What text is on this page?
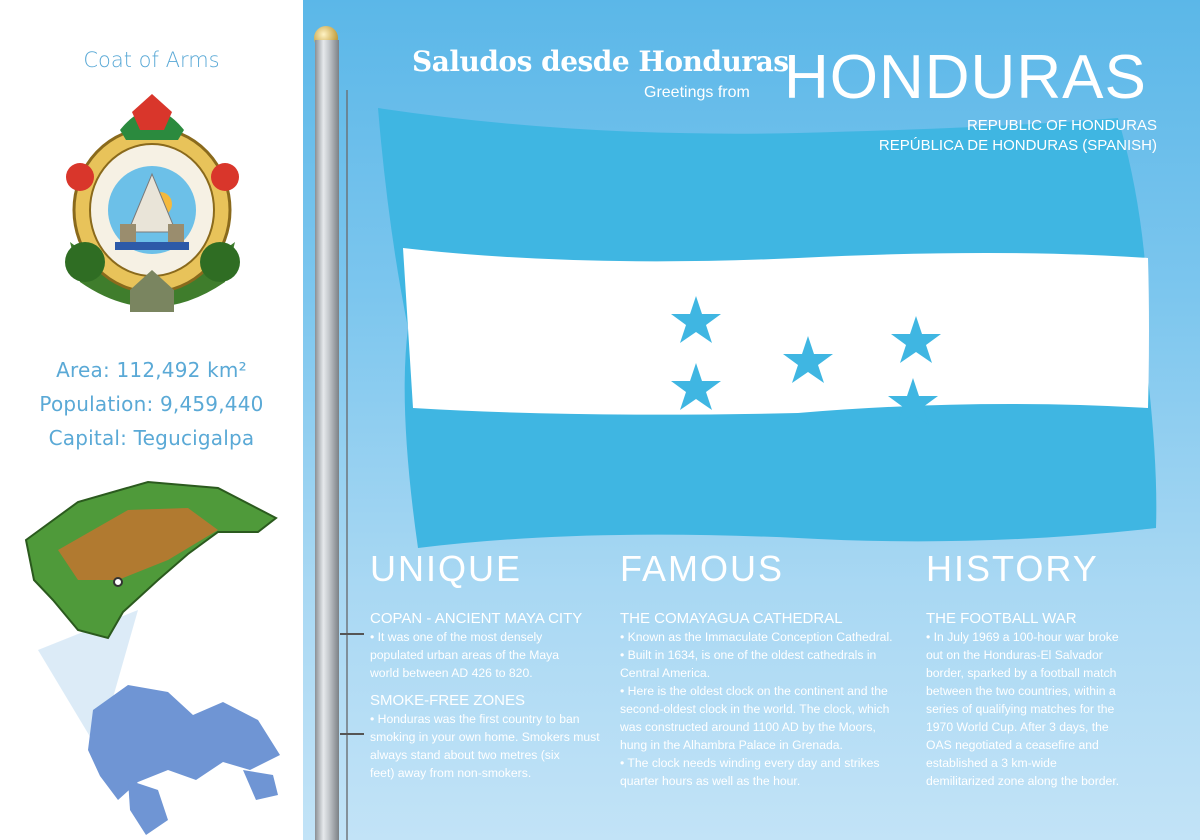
Coat of Arms
Area: 112,492 km²
Population: 9,459,440
Capital: Tegucigalpa
Saludos desde Honduras
Greetings from HONDURAS
REPUBLIC OF HONDURAS
REPÚBLICA DE HONDURAS (SPANISH)
UNIQUE
COPAN - ANCIENT MAYA CITY
• It was one of the most densely
populated urban areas of the Maya
world between AD 426 to 820.
SMOKE-FREE ZONES
• Honduras was the first country to ban
smoking in your own home. Smokers must
always stand about two metres (six
feet) away from non-smokers.
FAMOUS
THE COMAYAGUA CATHEDRAL
• Known as the Immaculate Conception Cathedral.
• Built in 1634, is one of the oldest cathedrals in
Central America.
• Here is the oldest clock on the continent and the
second-oldest clock in the world. The clock, which
was constructed around 1100 AD by the Moors,
hung in the Alhambra Palace in Grenada.
• The clock needs winding every day and strikes
quarter hours as well as the hour.
HISTORY
THE FOOTBALL WAR
• In July 1969 a 100-hour war broke
out on the Honduras-El Salvador
border, sparked by a football match
between the two countries, within a
series of qualifying matches for the
1970 World Cup. After 3 days, the
OAS negotiated a ceasefire and
established a 3 km-wide
demilitarized zone along the border.
